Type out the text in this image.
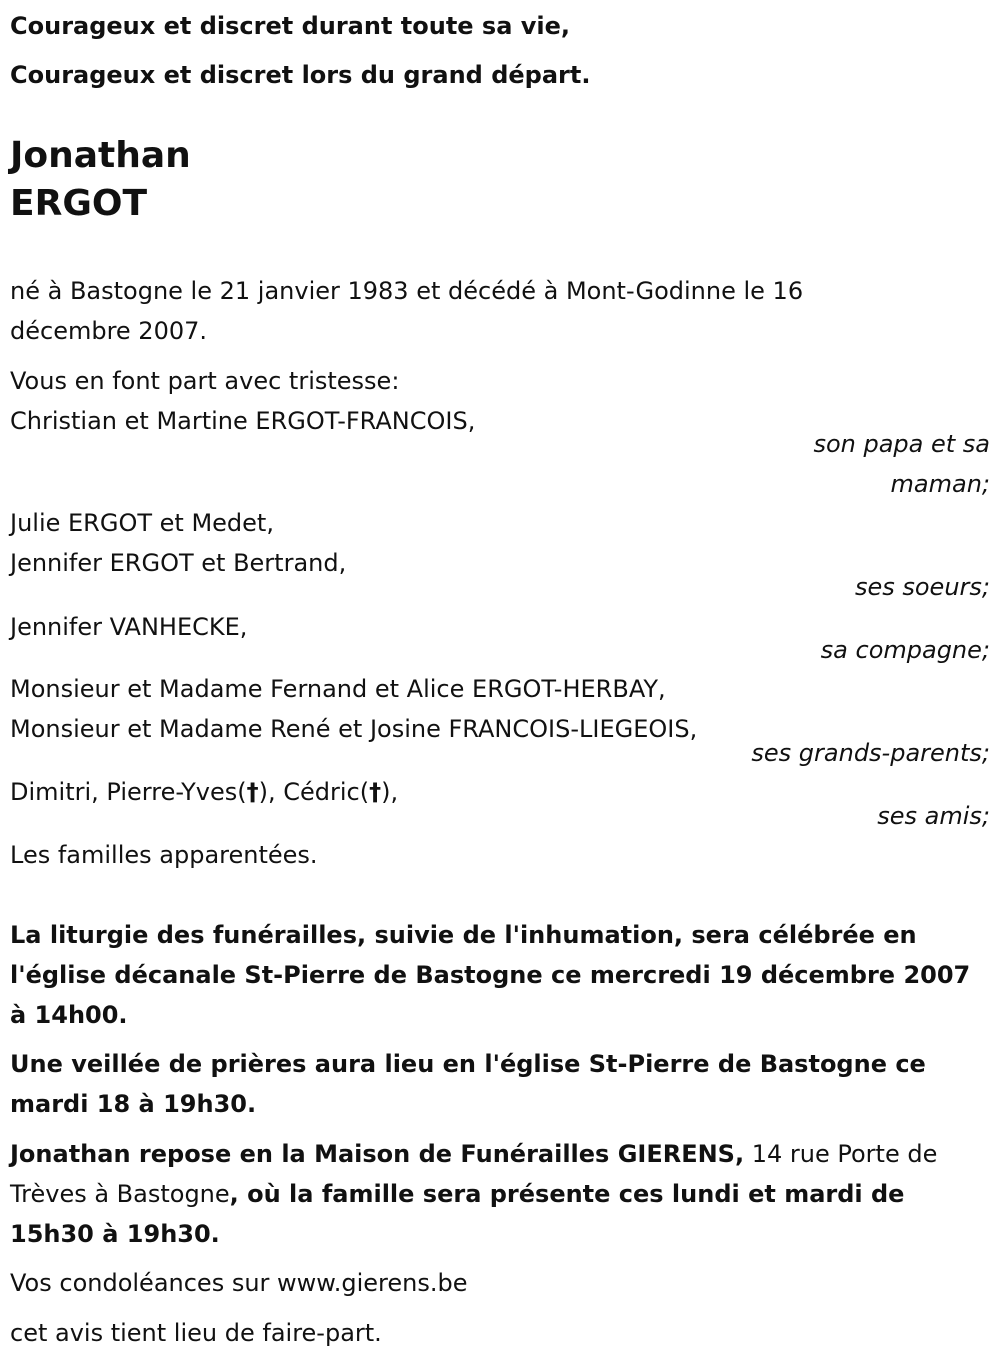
Courageux et discret durant toute sa vie,
Courageux et discret lors du grand départ.
Jonathan
ERGOT
né à Bastogne le 21 janvier 1983 et décédé à Mont-Godinne le 16
décembre 2007.
Vous en font part avec tristesse:
Christian et Martine ERGOT-FRANCOIS,
son papa et sa
maman;
Julie ERGOT et Medet,
Jennifer ERGOT et Bertrand,
ses soeurs;
Jennifer VANHECKE,
sa compagne;
Monsieur et Madame Fernand et Alice ERGOT-HERBAY,
Monsieur et Madame René et Josine FRANCOIS-LIEGEOIS,
ses grands-parents;
Dimitri, Pierre-Yves(†), Cédric(†),
ses amis;
Les familles apparentées.
La liturgie des funérailles, suivie de l'inhumation, sera célébrée en
l'église décanale St-Pierre de Bastogne ce mercredi 19 décembre 2007
à 14h00.
Une veillée de prières aura lieu en l'église St-Pierre de Bastogne ce
mardi 18 à 19h30.
Jonathan repose en la Maison de Funérailles GIERENS, 14 rue Porte de
Trèves à Bastogne, où la famille sera présente ces lundi et mardi de
15h30 à 19h30.
Vos condoléances sur www.gierens.be
cet avis tient lieu de faire-part.
